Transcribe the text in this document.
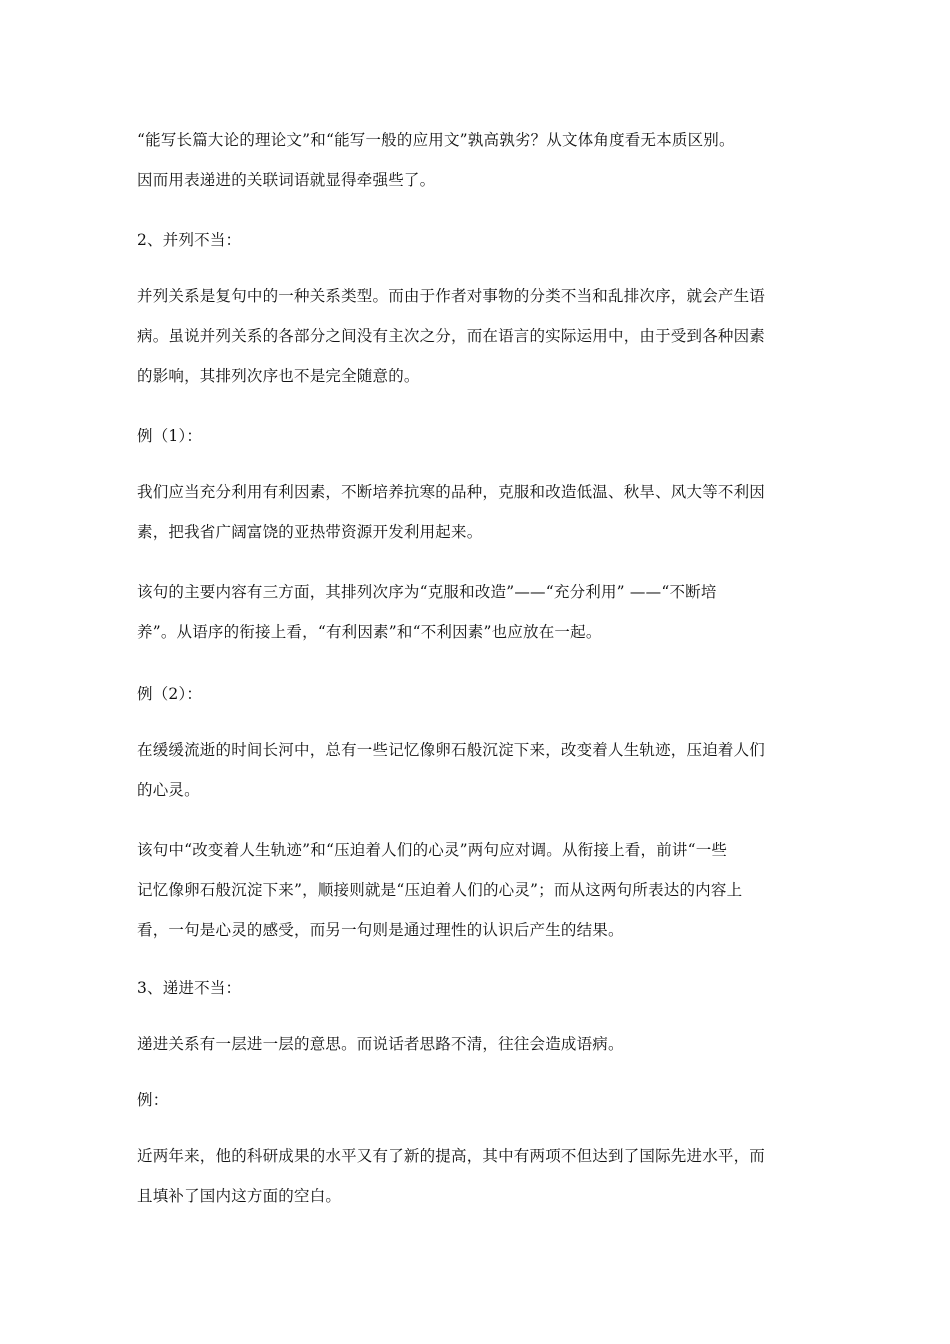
“能写长篇大论的理论文”和“能写一般的应用文”孰高孰劣？从文体角度看无本质区别。
因而用表递进的关联词语就显得牵强些了。

2、并列不当：

并列关系是复句中的一种关系类型。而由于作者对事物的分类不当和乱排次序，就会产生语
病。虽说并列关系的各部分之间没有主次之分，而在语言的实际运用中，由于受到各种因素
的影响，其排列次序也不是完全随意的。

例（1）：

我们应当充分利用有利因素，不断培养抗寒的品种，克服和改造低温、秋旱、风大等不利因
素，把我省广阔富饶的亚热带资源开发利用起来。

该句的主要内容有三方面，其排列次序为“克服和改造”——“充分利用” ——“不断培
养”。从语序的衔接上看，“有利因素”和“不利因素”也应放在一起。

例（2）：

在缓缓流逝的时间长河中，总有一些记忆像卵石般沉淀下来，改变着人生轨迹，压迫着人们
的心灵。

该句中“改变着人生轨迹”和“压迫着人们的心灵”两句应对调。从衔接上看，前讲“一些
记忆像卵石般沉淀下来”，顺接则就是“压迫着人们的心灵”；而从这两句所表达的内容上
看，一句是心灵的感受，而另一句则是通过理性的认识后产生的结果。

3、递进不当：

递进关系有一层进一层的意思。而说话者思路不清，往往会造成语病。

例：

近两年来，他的科研成果的水平又有了新的提高，其中有两项不但达到了国际先进水平，而
且填补了国内这方面的空白。
